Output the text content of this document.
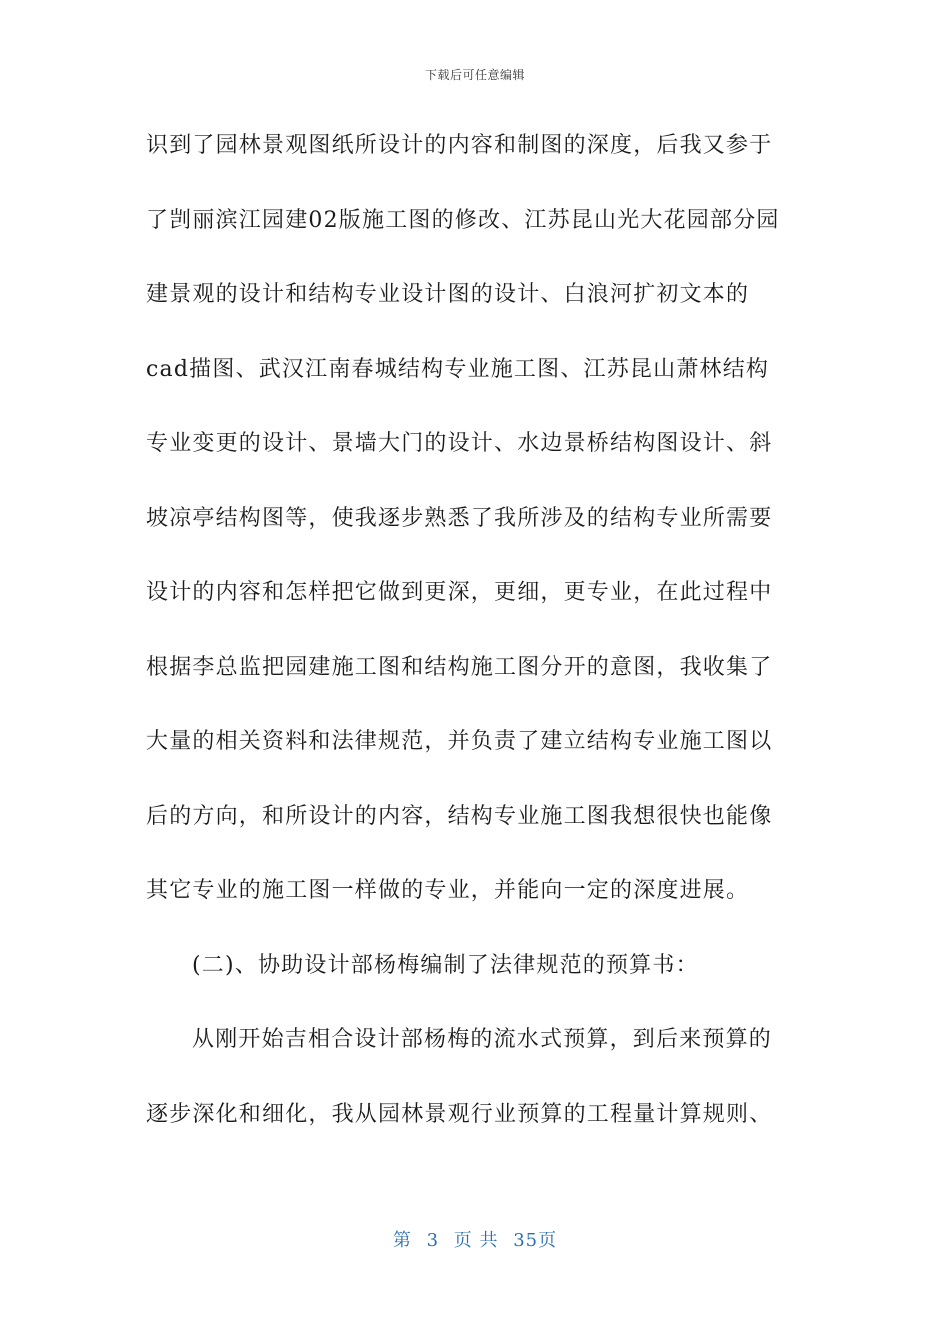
下载后可任意编辑
识到了园林景观图纸所设计的内容和制图的深度，后我又参于
了剀丽滨江园建02版施工图的修改、江苏昆山光大花园部分园
建景观的设计和结构专业设计图的设计、白浪河扩初文本的
cad描图、武汉江南春城结构专业施工图、江苏昆山萧林结构
专业变更的设计、景墙大门的设计、水边景桥结构图设计、斜
坡凉亭结构图等，使我逐步熟悉了我所涉及的结构专业所需要
设计的内容和怎样把它做到更深，更细，更专业，在此过程中
根据李总监把园建施工图和结构施工图分开的意图，我收集了
大量的相关资料和法律规范，并负责了建立结构专业施工图以
后的方向，和所设计的内容，结构专业施工图我想很快也能像
其它专业的施工图一样做的专业，并能向一定的深度进展。
(二)、协助设计部杨梅编制了法律规范的预算书：
从刚开始吉相合设计部杨梅的流水式预算，到后来预算的
逐步深化和细化，我从园林景观行业预算的工程量计算规则、
第 3 页 共 35页
